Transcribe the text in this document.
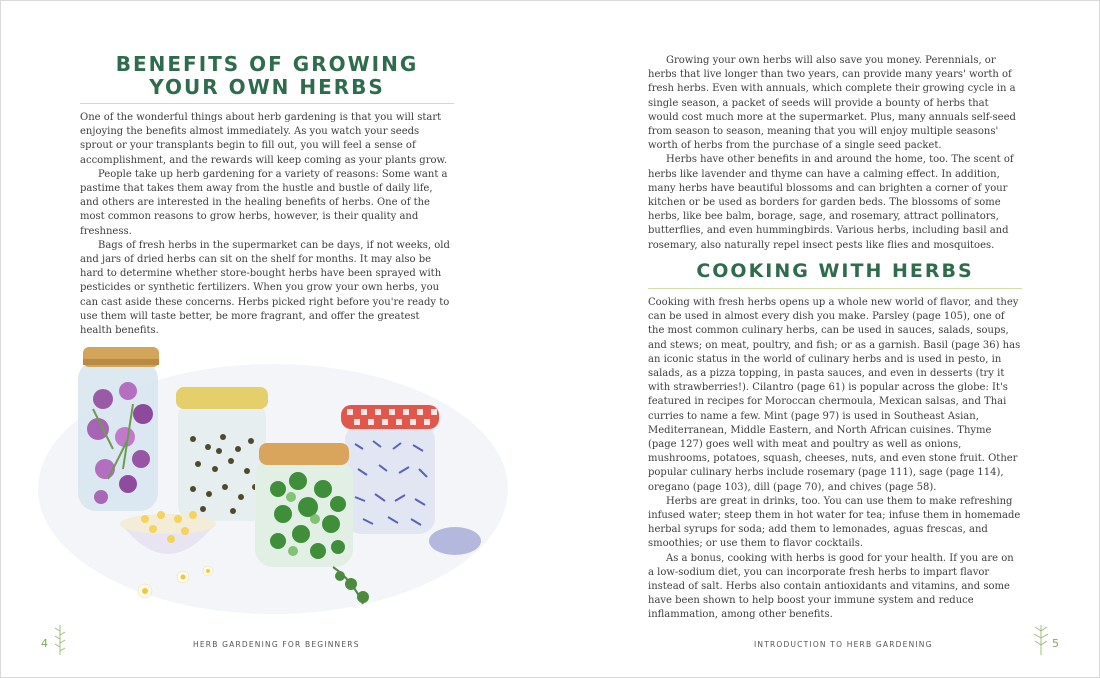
BENEFITS OF GROWING
YOUR OWN HERBS

One of the wonderful things about herb gardening is that you will start enjoying the benefits almost immediately. As you watch your seeds sprout or your transplants begin to fill out, you will feel a sense of accomplishment, and the rewards will keep coming as your plants grow.

People take up herb gardening for a variety of reasons: Some want a pastime that takes them away from the hustle and bustle of daily life, and others are interested in the healing benefits of herbs. One of the most common reasons to grow herbs, however, is their quality and freshness.

Bags of fresh herbs in the supermarket can be days, if not weeks, old and jars of dried herbs can sit on the shelf for months. It may also be hard to determine whether store-bought herbs have been sprayed with pesticides or synthetic fertilizers. When you grow your own herbs, you can cast aside these concerns. Herbs picked right before you're ready to use them will taste better, be more fragrant, and offer the greatest health benefits.

4	HERB GARDENING FOR BEGINNERS

Growing your own herbs will also save you money. Perennials, or herbs that live longer than two years, can provide many years' worth of fresh herbs. Even with annuals, which complete their growing cycle in a single season, a packet of seeds will provide a bounty of herbs that would cost much more at the supermarket. Plus, many annuals self-seed from season to season, meaning that you will enjoy multiple seasons' worth of herbs from the purchase of a single seed packet.

Herbs have other benefits in and around the home, too. The scent of herbs like lavender and thyme can have a calming effect. In addition, many herbs have beautiful blossoms and can brighten a corner of your kitchen or be used as borders for garden beds. The blossoms of some herbs, like bee balm, borage, sage, and rosemary, attract pollinators, butterflies, and even hummingbirds. Various herbs, including basil and rosemary, also naturally repel insect pests like flies and mosquitoes.

COOKING WITH HERBS

Cooking with fresh herbs opens up a whole new world of flavor, and they can be used in almost every dish you make. Parsley (page 105), one of the most common culinary herbs, can be used in sauces, salads, soups, and stews; on meat, poultry, and fish; or as a garnish. Basil (page 36) has an iconic status in the world of culinary herbs and is used in pesto, in salads, as a pizza topping, in pasta sauces, and even in desserts (try it with strawberries!). Cilantro (page 61) is popular across the globe: It's featured in recipes for Moroccan chermoula, Mexican salsas, and Thai curries to name a few. Mint (page 97) is used in Southeast Asian, Mediterranean, Middle Eastern, and North African cuisines. Thyme (page 127) goes well with meat and poultry as well as onions, mushrooms, potatoes, squash, cheeses, nuts, and even stone fruit. Other popular culinary herbs include rosemary (page 111), sage (page 114), oregano (page 103), dill (page 70), and chives (page 58).

Herbs are great in drinks, too. You can use them to make refreshing infused water; steep them in hot water for tea; infuse them in homemade herbal syrups for soda; add them to lemonades, aguas frescas, and smoothies; or use them to flavor cocktails.

As a bonus, cooking with herbs is good for your health. If you are on a low-sodium diet, you can incorporate fresh herbs to impart flavor instead of salt. Herbs also contain antioxidants and vitamins, and some have been shown to help boost your immune system and reduce inflammation, among other benefits.

INTRODUCTION TO HERB GARDENING	5
